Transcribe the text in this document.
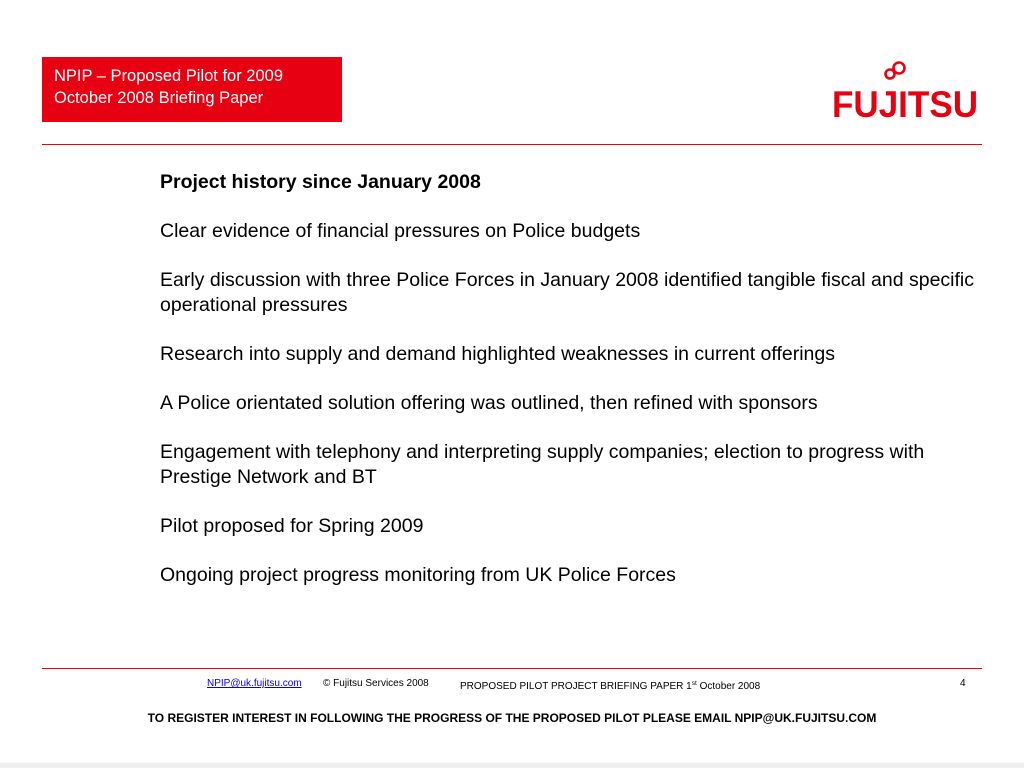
NPIP – Proposed Pilot for 2009
October 2008 Briefing Paper	FUJITSU
Project history since January 2008
Clear evidence of financial pressures on Police budgets
Early discussion with three Police Forces in January 2008 identified tangible fiscal and specific operational pressures
Research into supply and demand highlighted weaknesses in current offerings
A Police orientated solution offering was outlined, then refined with sponsors
Engagement with telephony and interpreting supply companies; election to progress with Prestige Network and BT
Pilot proposed for Spring 2009
Ongoing project progress monitoring from UK Police Forces
NPIP@uk.fujitsu.com © Fujitsu Services 2008	PROPOSED PILOT PROJECT BRIEFING PAPER 1st October 2008	4
TO REGISTER INTEREST IN FOLLOWING THE PROGRESS OF THE PROPOSED PILOT PLEASE EMAIL NPIP@UK.FUJITSU.COM
